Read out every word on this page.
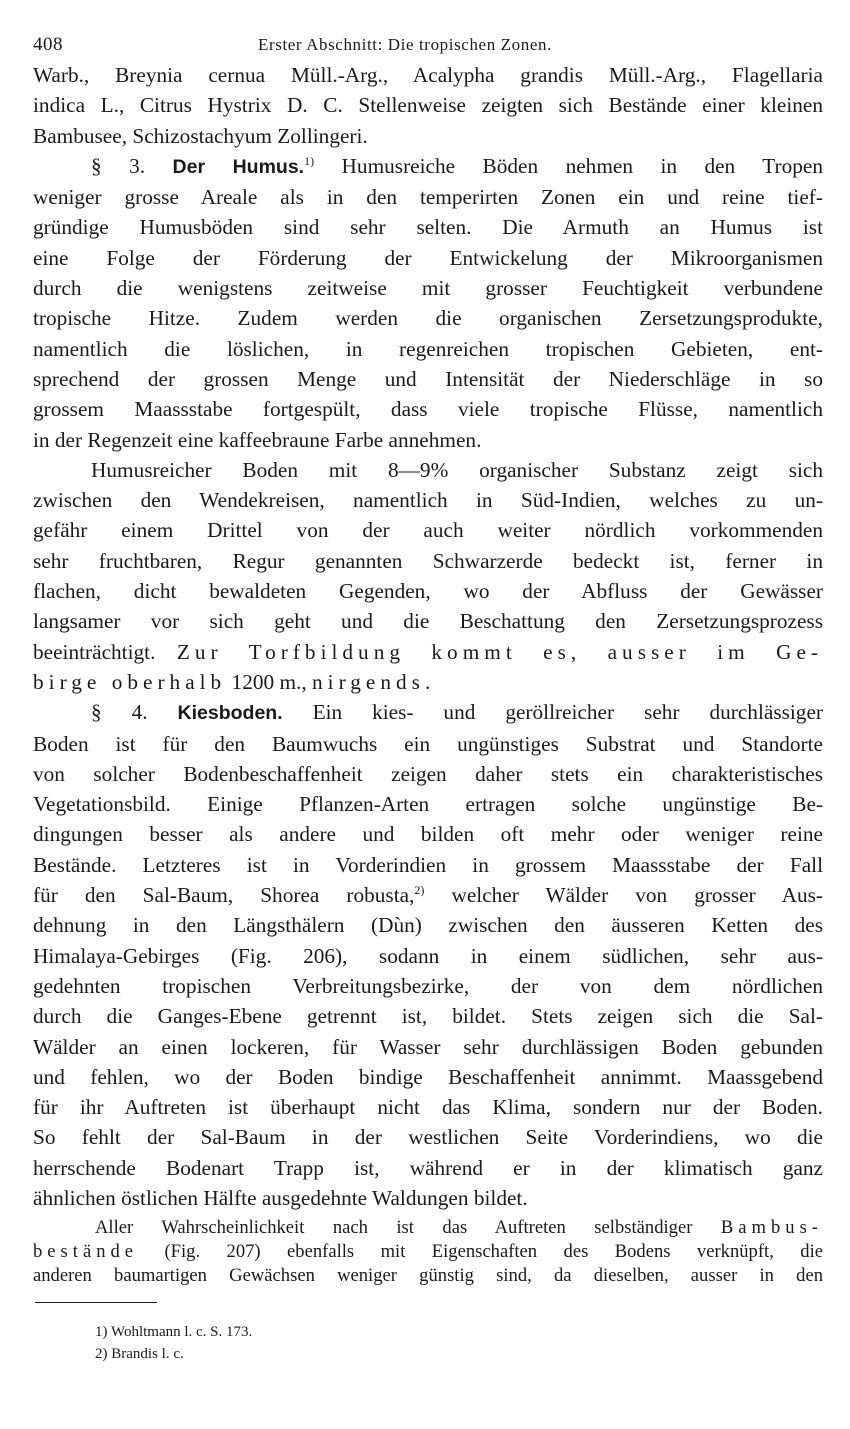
408	Erster Abschnitt: Die tropischen Zonen.

Warb., Breynia cernua Müll.-Arg., Acalypha grandis Müll.-Arg., Flagellaria
indica L., Citrus Hystrix D. C. Stellenweise zeigten sich Bestände einer kleinen
Bambusee, Schizostachyum Zollingeri.

§ 3. Der Humus.$^{1)}$ Humusreiche Böden nehmen in den Tropen
weniger grosse Areale als in den temperirten Zonen ein und reine tief-
gründige Humusböden sind sehr selten. Die Armuth an Humus ist
eine Folge der Förderung der Entwickelung der Mikroorganismen
durch die wenigstens zeitweise mit grosser Feuchtigkeit verbundene
tropische Hitze. Zudem werden die organischen Zersetzungsprodukte,
namentlich die löslichen, in regenreichen tropischen Gebieten, ent-
sprechend der grossen Menge und Intensität der Niederschläge in so
grossem Maassstabe fortgespült, dass viele tropische Flüsse, namentlich
in der Regenzeit eine kaffeebraune Farbe annehmen.

Humusreicher Boden mit 8—9% organischer Substanz zeigt sich
zwischen den Wendekreisen, namentlich in Süd-Indien, welches zu un-
gefähr einem Drittel von der auch weiter nördlich vorkommenden
sehr fruchtbaren, Regur genannten Schwarzerde bedeckt ist, ferner in
flachen, dicht bewaldeten Gegenden, wo der Abfluss der Gewässer
langsamer vor sich geht und die Beschattung den Zersetzungsprozess
beeinträchtigt. Zur Torfbildung kommt es, ausser im Ge-
birge oberhalb 1200 m., nirgends.

§ 4. Kiesboden. Ein kies- und geröllreicher sehr durchlässiger
Boden ist für den Baumwuchs ein ungünstiges Substrat und Standorte
von solcher Bodenbeschaffenheit zeigen daher stets ein charakteristisches
Vegetationsbild. Einige Pflanzen-Arten ertragen solche ungünstige Be-
dingungen besser als andere und bilden oft mehr oder weniger reine
Bestände. Letzteres ist in Vorderindien in grossem Maassstabe der Fall
für den Sal-Baum, Shorea robusta,$^{2)}$ welcher Wälder von grosser Aus-
dehnung in den Längsthälern (Dùn) zwischen den äusseren Ketten des
Himalaya-Gebirges (Fig. 206), sodann in einem südlichen, sehr aus-
gedehnten tropischen Verbreitungsbezirke, der von dem nördlichen
durch die Ganges-Ebene getrennt ist, bildet. Stets zeigen sich die Sal-
Wälder an einen lockeren, für Wasser sehr durchlässigen Boden gebunden
und fehlen, wo der Boden bindige Beschaffenheit annimmt. Maassgebend
für ihr Auftreten ist überhaupt nicht das Klima, sondern nur der Boden.
So fehlt der Sal-Baum in der westlichen Seite Vorderindiens, wo die
herrschende Bodenart Trapp ist, während er in der klimatisch ganz
ähnlichen östlichen Hälfte ausgedehnte Waldungen bildet.

Aller Wahrscheinlichkeit nach ist das Auftreten selbständiger Bambus-
bestände (Fig. 207) ebenfalls mit Eigenschaften des Bodens verknüpft, die
anderen baumartigen Gewächsen weniger günstig sind, da dieselben, ausser in den
1) Wohltmann l. c. S. 173.
2) Brandis l. c.
